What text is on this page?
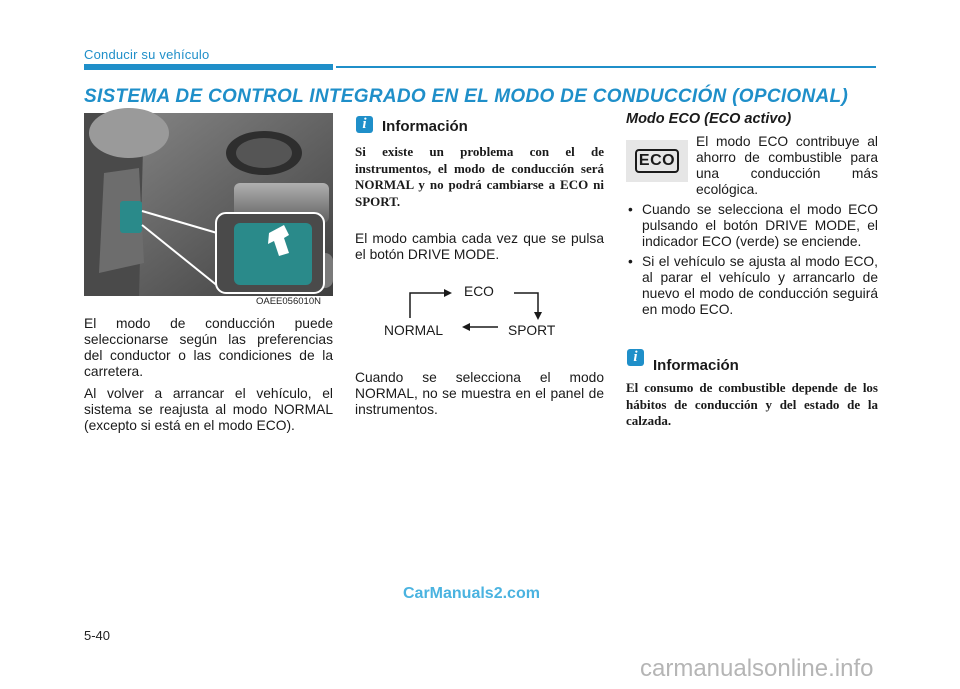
Conducir su vehículo
SISTEMA DE CONTROL INTEGRADO EN EL MODO DE CONDUCCIÓN (OPCIONAL)
DRIVE MODE
OAEE056010N
El modo de conducción puede seleccionarse según las preferencias del conductor o las condiciones de la carretera.
Al volver a arrancar el vehículo, el sistema se reajusta al modo NORMAL (excepto si está en el modo ECO).
i	Información
Si existe un problema con el de instrumentos, el modo de conducción será NORMAL y no podrá cambiarse a ECO ni SPORT.
El modo cambia cada vez que se pulsa el botón DRIVE MODE.
ECO
SPORT
NORMAL
Cuando se selecciona el modo NORMAL, no se muestra en el panel de instrumentos.
Modo ECO (ECO activo)
ECO
El modo ECO contribuye al ahorro de combustible para una conducción más ecológica.
• Cuando se selecciona el modo ECO pulsando el botón DRIVE MODE, el indicador ECO (verde) se enciende.
• Si el vehículo se ajusta al modo ECO, al parar el vehículo y arrancarlo de nuevo el modo de conducción seguirá en modo ECO.
i	Información
El consumo de combustible depende de los hábitos de conducción y del estado de la calzada.
5-40
CarManuals2.com
carmanualsonline.info
